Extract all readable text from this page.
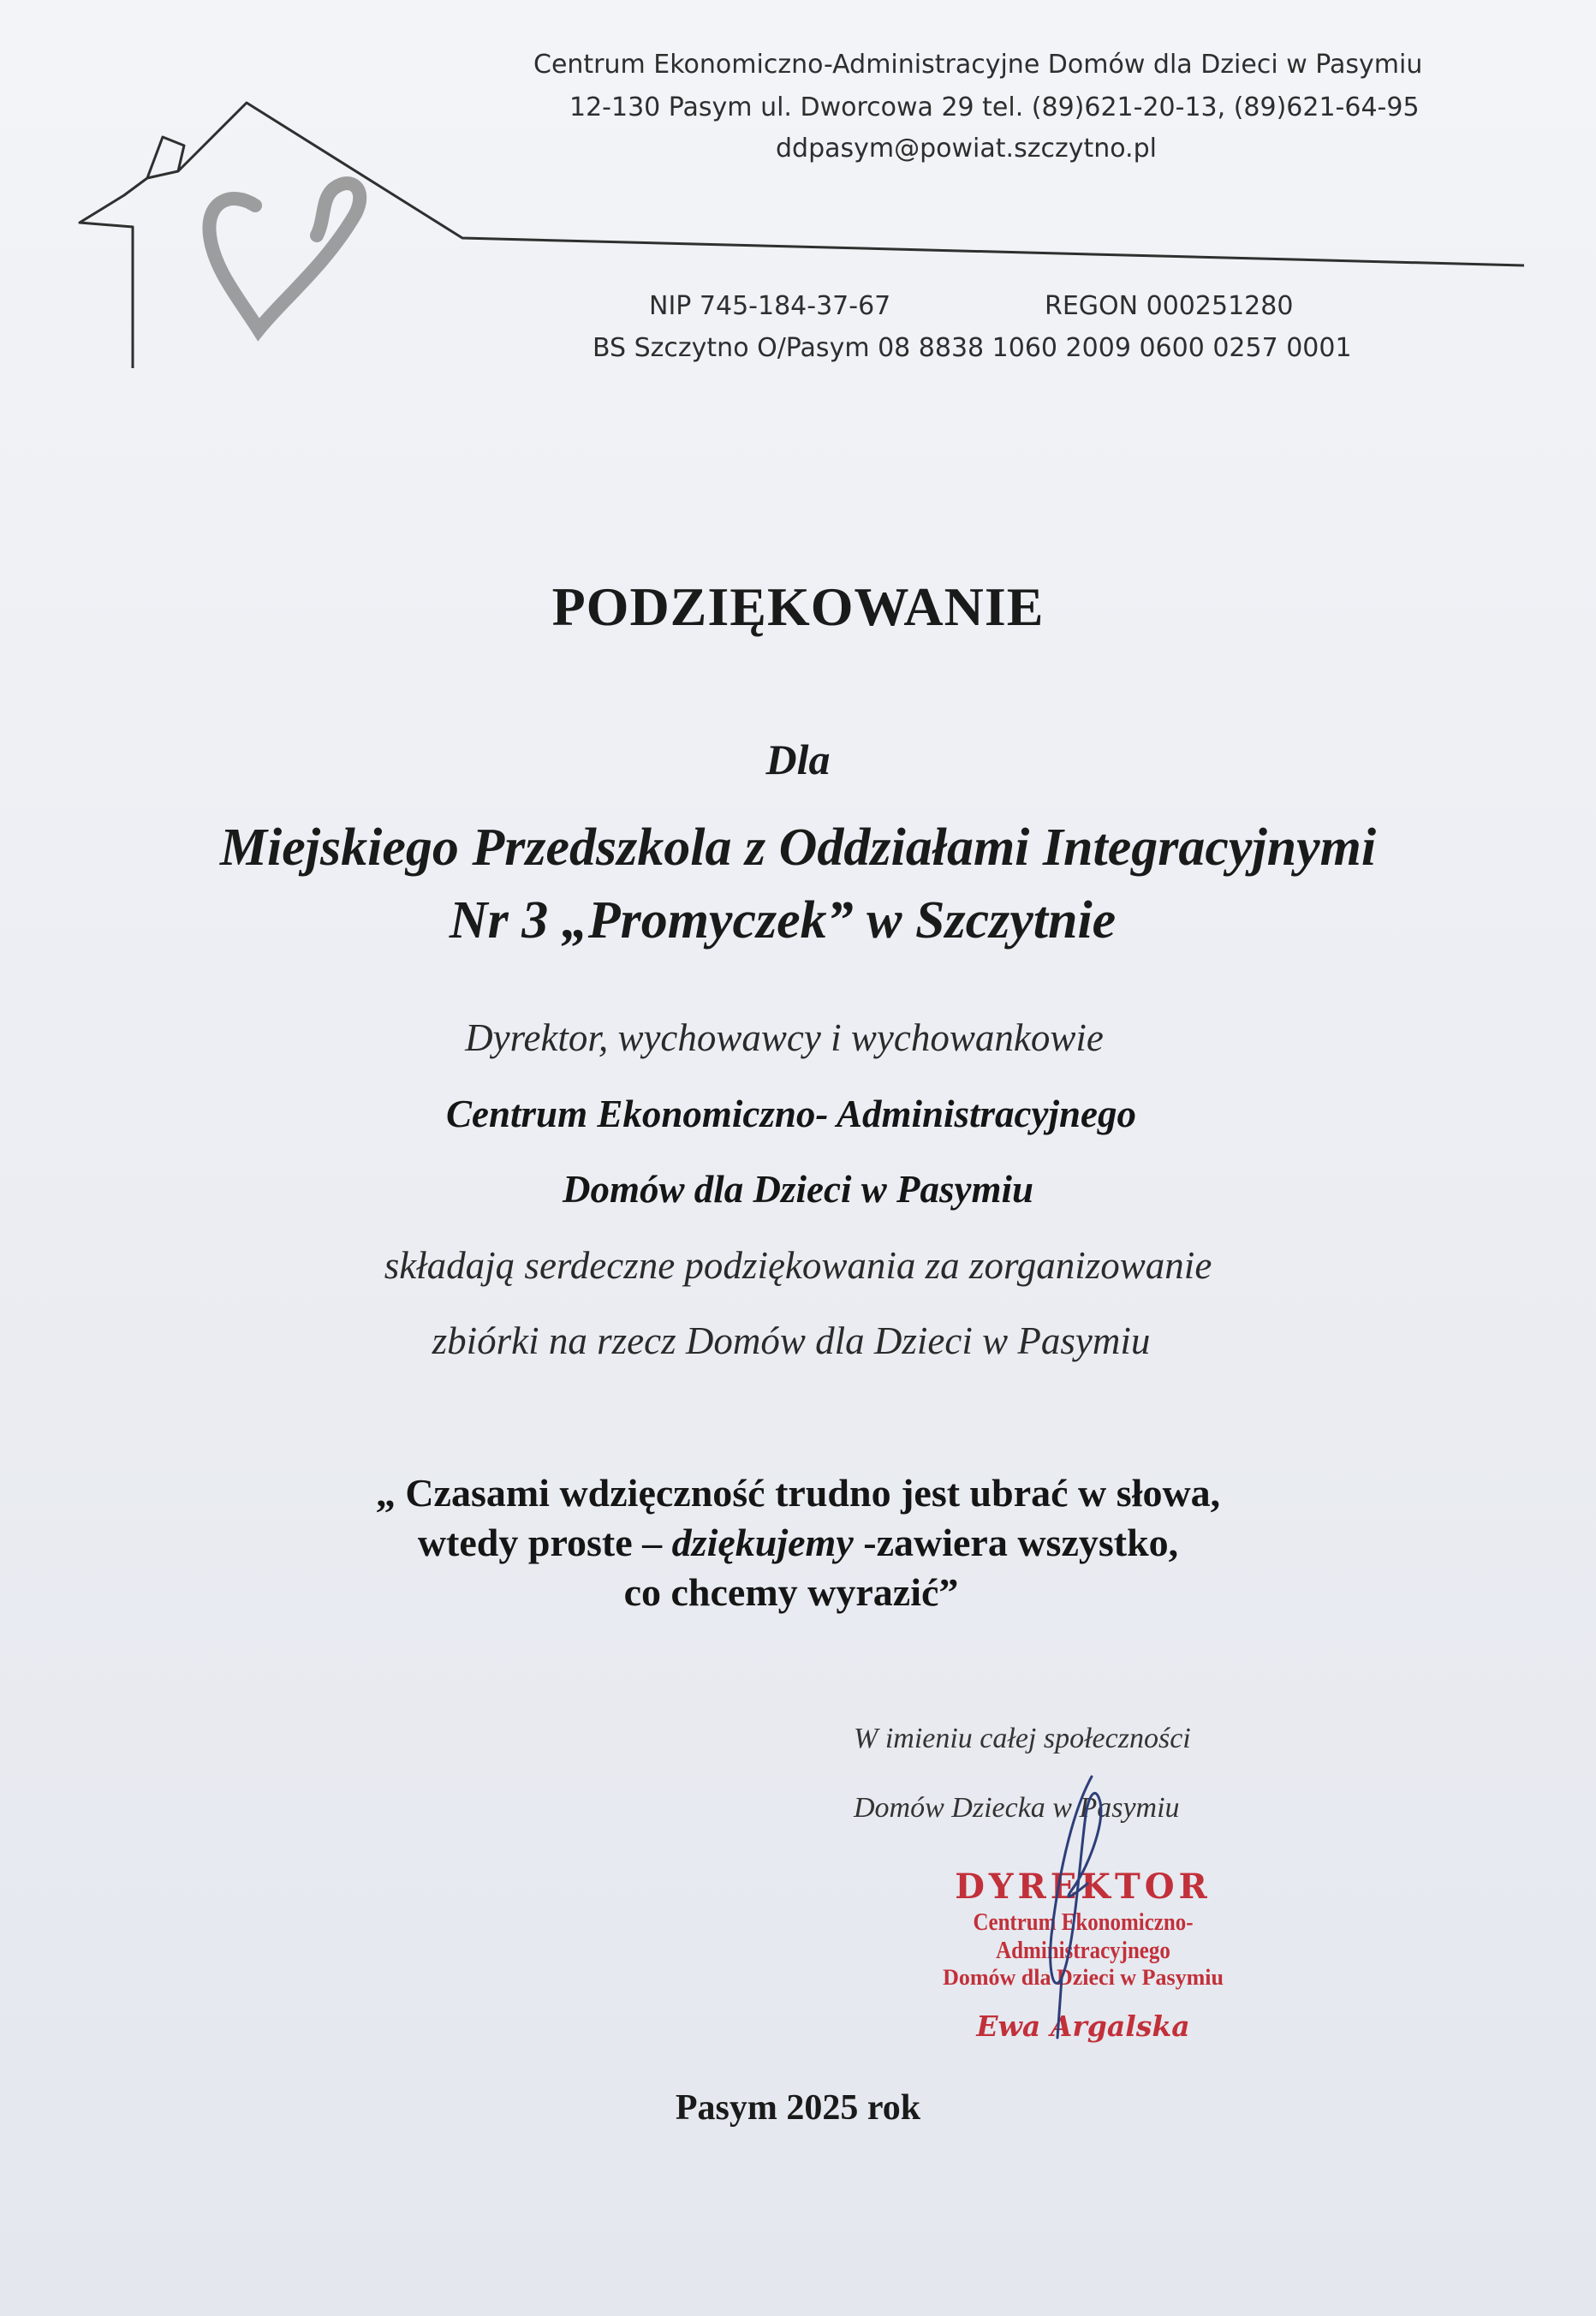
Centrum Ekonomiczno-Administracyjne Domów dla Dzieci w Pasymiu
12-130 Pasym ul. Dworcowa 29 tel. (89)621-20-13, (89)621-64-95
ddpasym@powiat.szczytno.pl
NIP 745-184-37-67	REGON 000251280
BS Szczytno O/Pasym 08 8838 1060 2009 0600 0257 0001
PODZIĘKOWANIE
Dla
Miejskiego Przedszkola z Oddziałami Integracyjnymi
Nr 3 „Promyczek” w Szczytnie
Dyrektor, wychowawcy i wychowankowie
Centrum Ekonomiczno- Administracyjnego
Domów dla Dzieci w Pasymiu
składają serdeczne podziękowania za zorganizowanie
zbiórki na rzecz Domów dla Dzieci w Pasymiu
„ Czasami wdzięczność trudno jest ubrać w słowa,
wtedy proste – dziękujemy -zawiera wszystko,
co chcemy wyrazić”
W imieniu całej społeczności
Domów Dziecka w Pasymiu
DYREKTOR
Centrum Ekonomiczno-Administracyjnego
Domów dla Dzieci w Pasymiu
Ewa Argalska
Pasym 2025 rok
